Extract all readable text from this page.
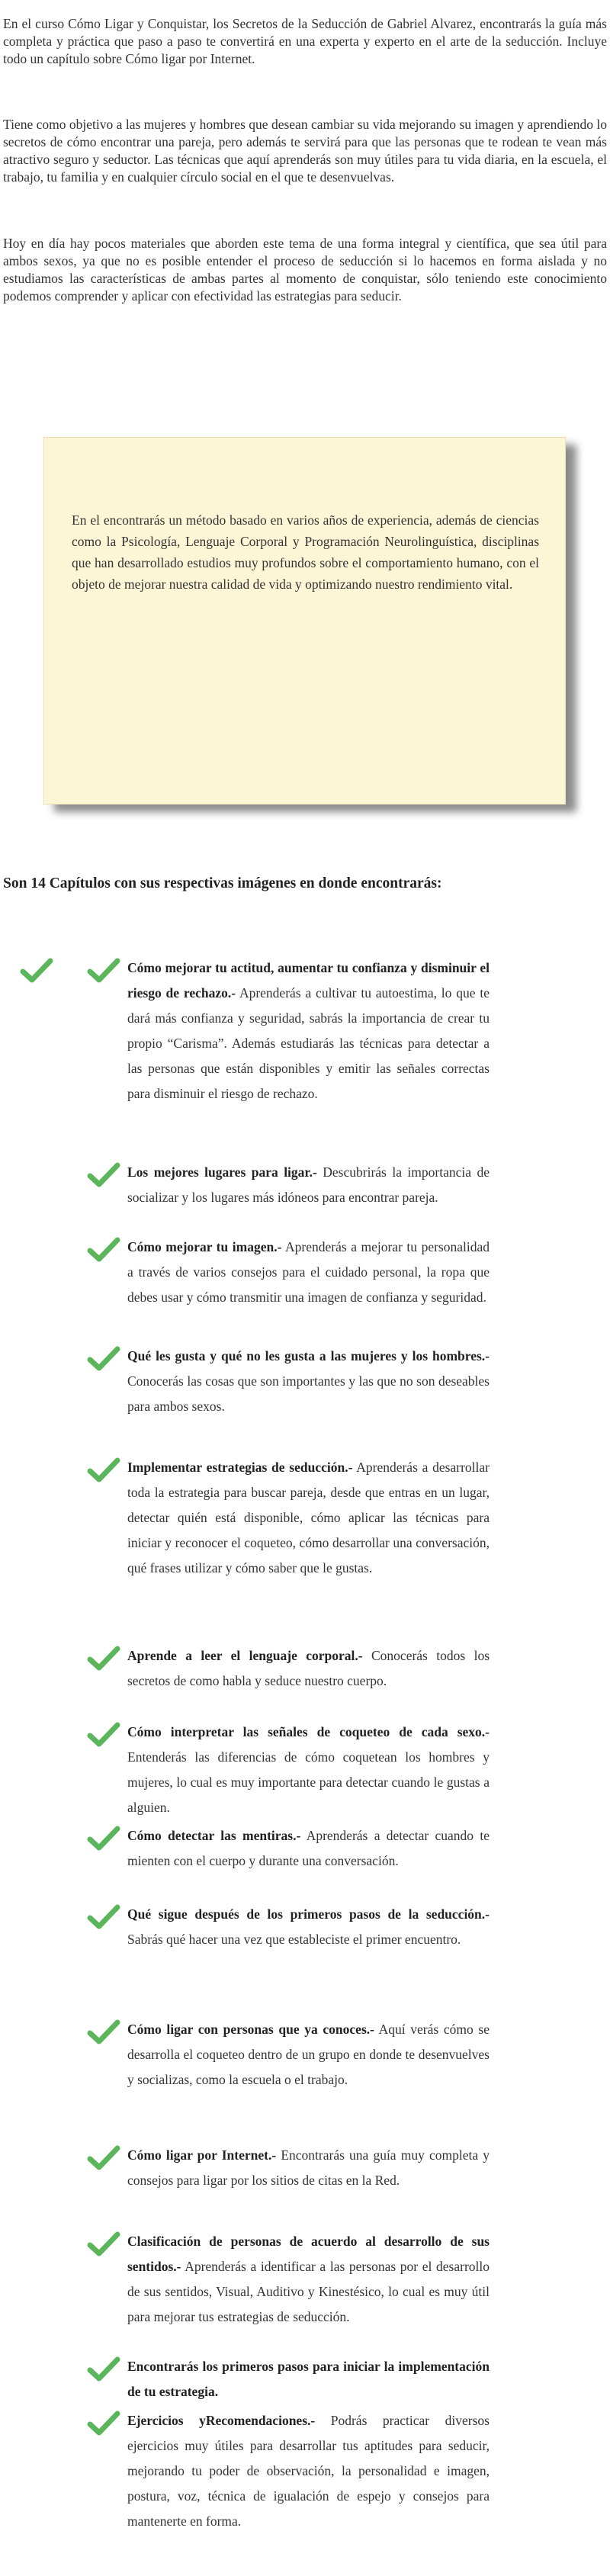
En el curso Cómo Ligar y Conquistar, los Secretos de la Seducción de Gabriel Alvarez, encontrarás la guía más completa y práctica que paso a paso te convertirá en una experta y experto en el arte de la seducción. Incluye todo un capítulo sobre Cómo ligar por Internet.

Tiene como objetivo a las mujeres y hombres que desean cambiar su vida mejorando su imagen y aprendiendo lo secretos de cómo encontrar una pareja, pero además te servirá para que las personas que te rodean te vean más atractivo seguro y seductor. Las técnicas que aquí aprenderás son muy útiles para tu vida diaria, en la escuela, el trabajo, tu familia y en cualquier círculo social en el que te desenvuelvas.

Hoy en día hay pocos materiales que aborden este tema de una forma integral y científica, que sea útil para ambos sexos, ya que no es posible entender el proceso de seducción si lo hacemos en forma aislada y no estudiamos las características de ambas partes al momento de conquistar, sólo teniendo este conocimiento podemos comprender y aplicar con efectividad las estrategias para seducir.

En el encontrarás un método basado en varios años de experiencia, además de ciencias como la Psicología, Lenguaje Corporal y Programación Neurolinguística, disciplinas que han desarrollado estudios muy profundos sobre el comportamiento humano, con el objeto de mejorar nuestra calidad de vida y optimizando nuestro rendimiento vital.

Son 14 Capítulos con sus respectivas imágenes en donde encontrarás:
Cómo mejorar tu actitud, aumentar tu confianza y disminuir el riesgo de rechazo.- Aprenderás a cultivar tu autoestima, lo que te dará más confianza y seguridad, sabrás la importancia de crear tu propio “Carisma”. Además estudiarás las técnicas para detectar a las personas que están disponibles y emitir las señales correctas para disminuir el riesgo de rechazo.
Los mejores lugares para ligar.- Descubrirás la importancia de socializar y los lugares más idóneos para encontrar pareja.
Cómo mejorar tu imagen.- Aprenderás a mejorar tu personalidad a través de varios consejos para el cuidado personal, la ropa que debes usar y cómo transmitir una imagen de confianza y seguridad.
Qué les gusta y qué no les gusta a las mujeres y los hombres.- Conocerás las cosas que son importantes y las que no son deseables para ambos sexos.
Implementar estrategias de seducción.- Aprenderás a desarrollar toda la estrategia para buscar pareja, desde que entras en un lugar, detectar quién está disponible, cómo aplicar las técnicas para iniciar y reconocer el coqueteo, cómo desarrollar una conversación, qué frases utilizar y cómo saber que le gustas.
Aprende a leer el lenguaje corporal.- Conocerás todos los secretos de como habla y seduce nuestro cuerpo.
Cómo interpretar las señales de coqueteo de cada sexo.- Entenderás las diferencias de cómo coquetean los hombres y mujeres, lo cual es muy importante para detectar cuando le gustas a alguien.
Cómo detectar las mentiras.- Aprenderás a detectar cuando te mienten con el cuerpo y durante una conversación.
Qué sigue después de los primeros pasos de la seducción.- Sabrás qué hacer una vez que estableciste el primer encuentro.
Cómo ligar con personas que ya conoces.- Aquí verás cómo se desarrolla el coqueteo dentro de un grupo en donde te desenvuelves y socializas, como la escuela o el trabajo.
Cómo ligar por Internet.- Encontrarás una guía muy completa y consejos para ligar por los sitios de citas en la Red.
Clasificación de personas de acuerdo al desarrollo de sus sentidos.- Aprenderás a identificar a las personas por el desarrollo de sus sentidos, Visual, Auditivo y Kinestésico, lo cual es muy útil para mejorar tus estrategias de seducción.
Encontrarás los primeros pasos para iniciar la implementación de tu estrategia.
Ejercicios yRecomendaciones.- Podrás practicar diversos ejercicios muy útiles para desarrollar tus aptitudes para seducir, mejorando tu poder de observación, la personalidad e imagen, postura, voz, técnica de igualación de espejo y consejos para mantenerte en forma.
